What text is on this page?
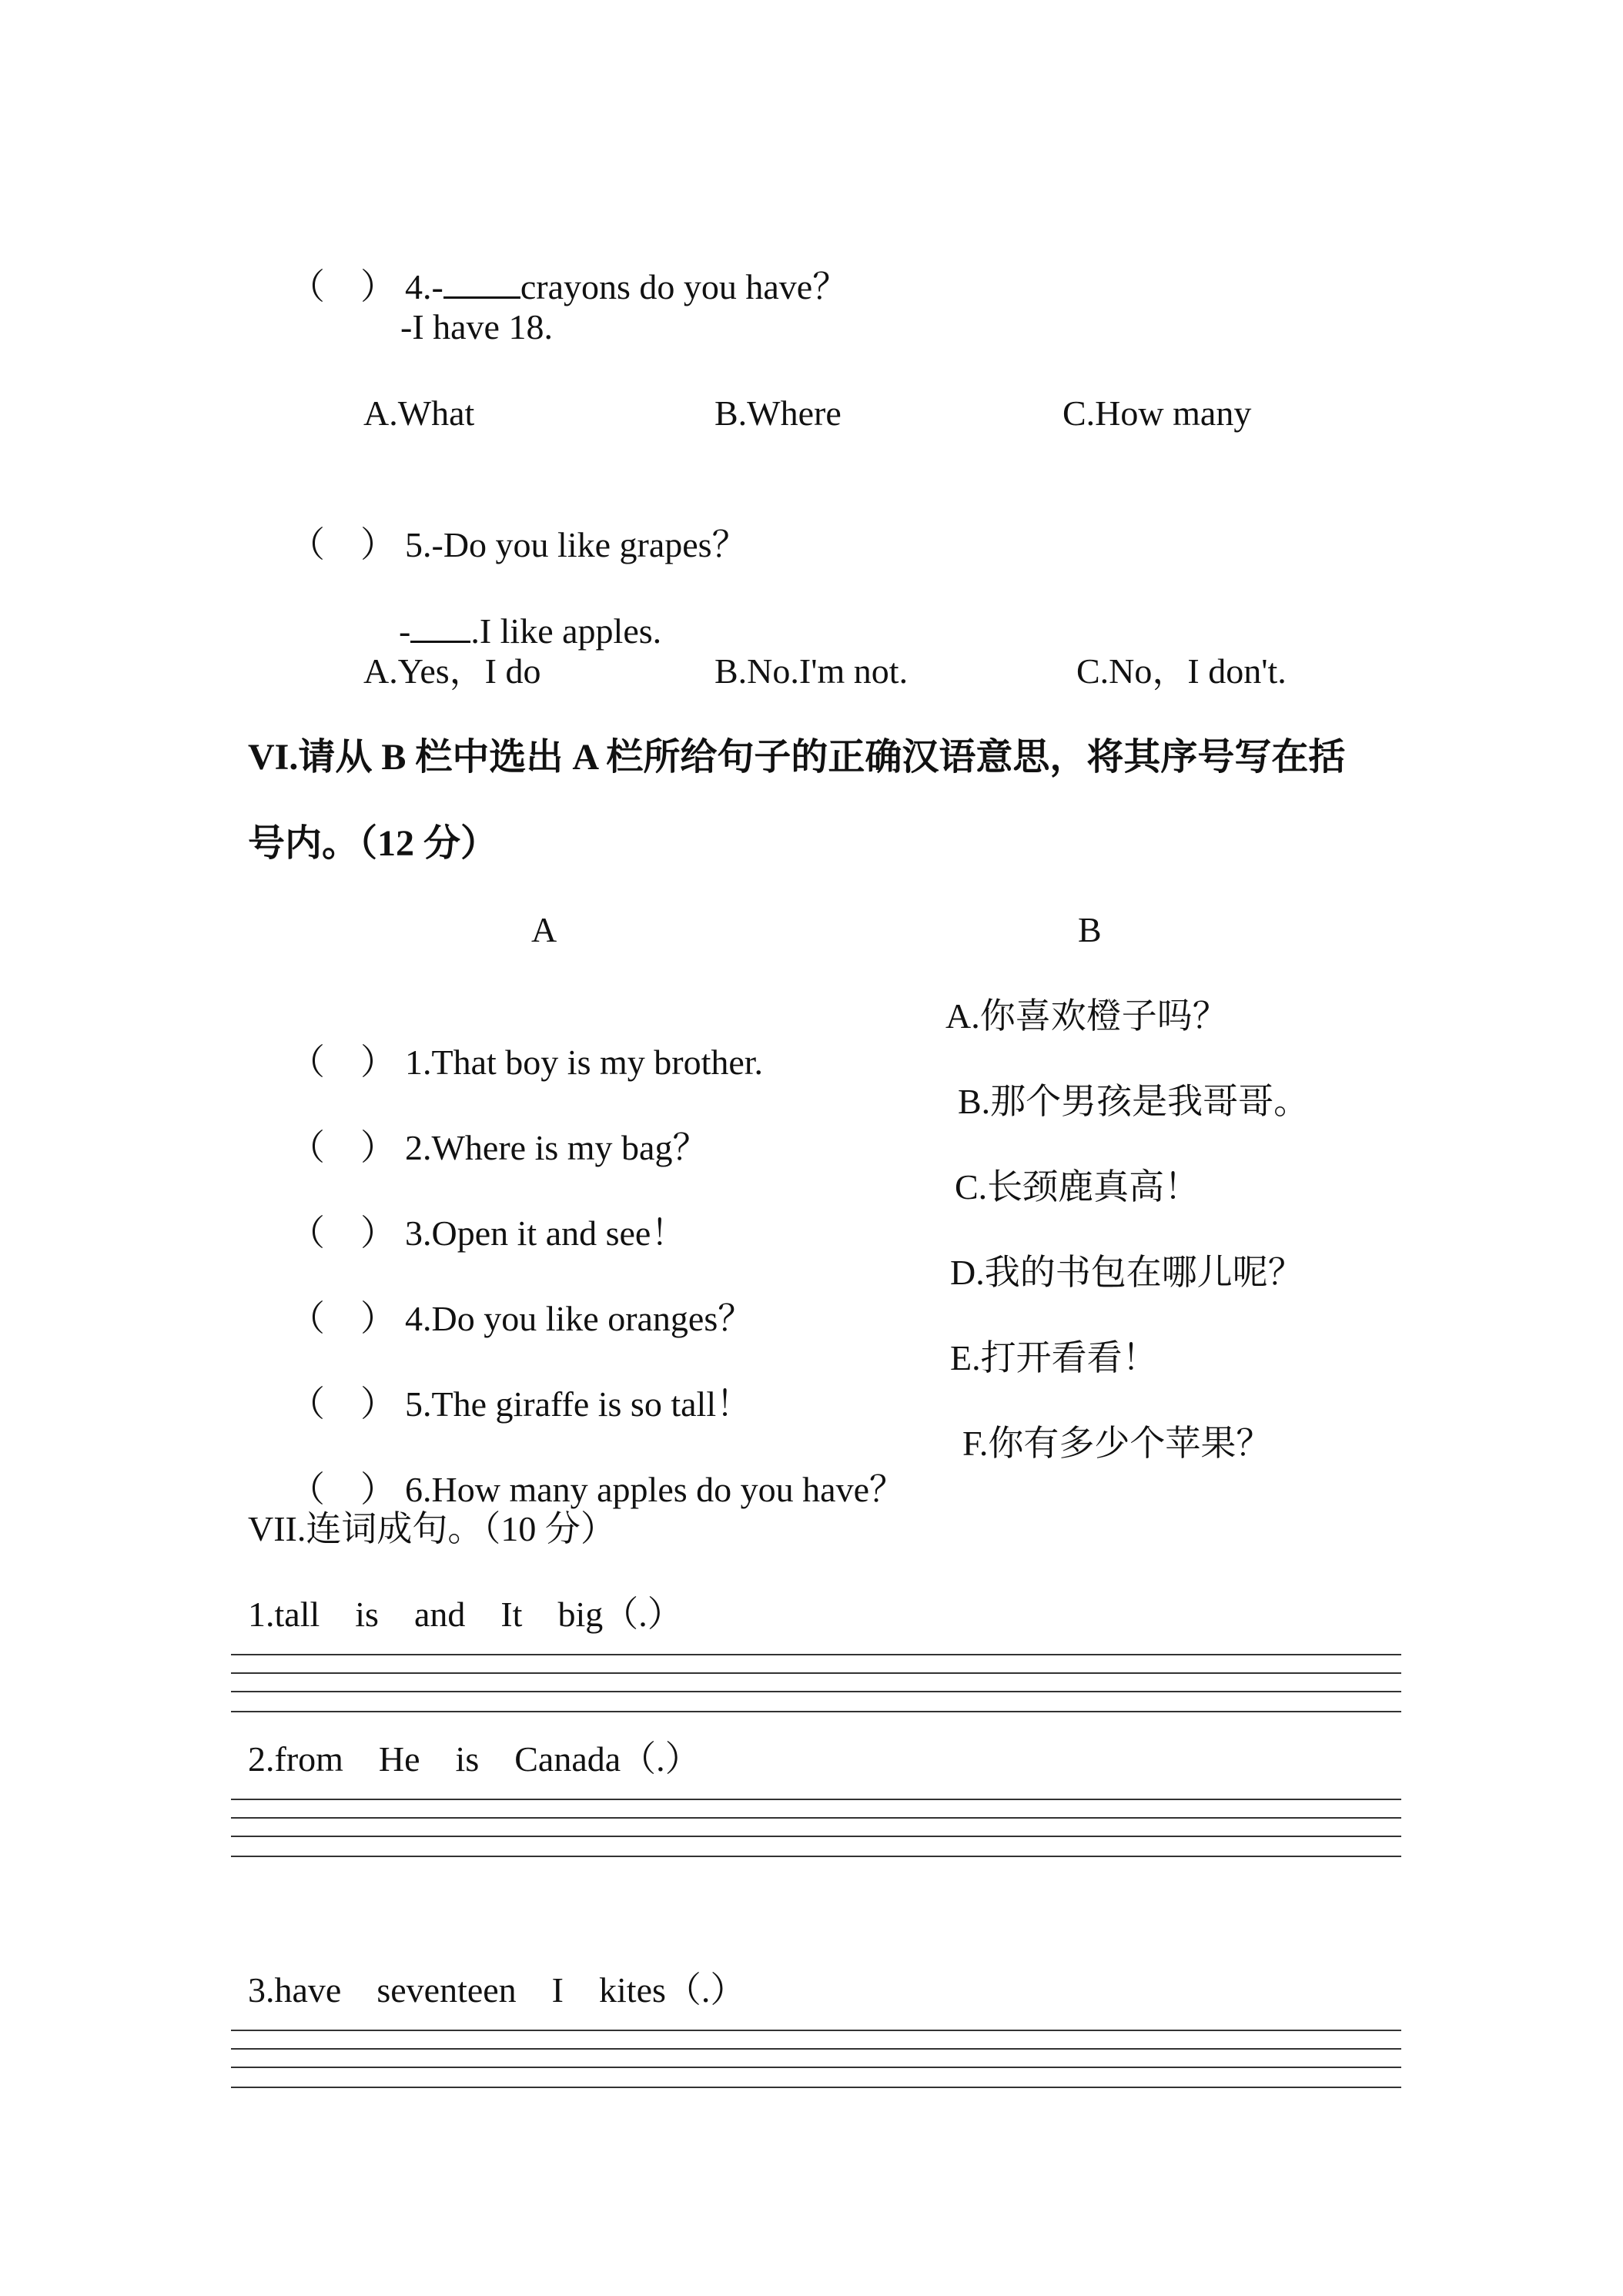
（　） 4.- crayons do you have？

-I have 18.
A.What	B.Where	C.How many

（　） 5.-Do you like grapes？

- .I like apples.

A.Yes，I do	B.No.I'm not.	C.No，I don't.
VI.请从 B 栏中选出 A 栏所给句子的正确汉语意思，将其序号写在括
号内。（12 分）
A	B

（　） 1.That boy is my brother.

A.你喜欢橙子吗？

（　） 2.Where is my bag？

B.那个男孩是我哥哥。

（　） 3.Open it and see！

C.长颈鹿真高！

（　） 4.Do you like oranges？

D.我的书包在哪儿呢？

（　） 5.The giraffe is so tall！

E.打开看看！

（　） 6.How many apples do you have？

F.你有多少个苹果？
VII.连词成句。（10 分）
1.tall    is    and    It    big（.）
2.from    He    is    Canada（.）
3.have    seventeen    I    kites（.）
